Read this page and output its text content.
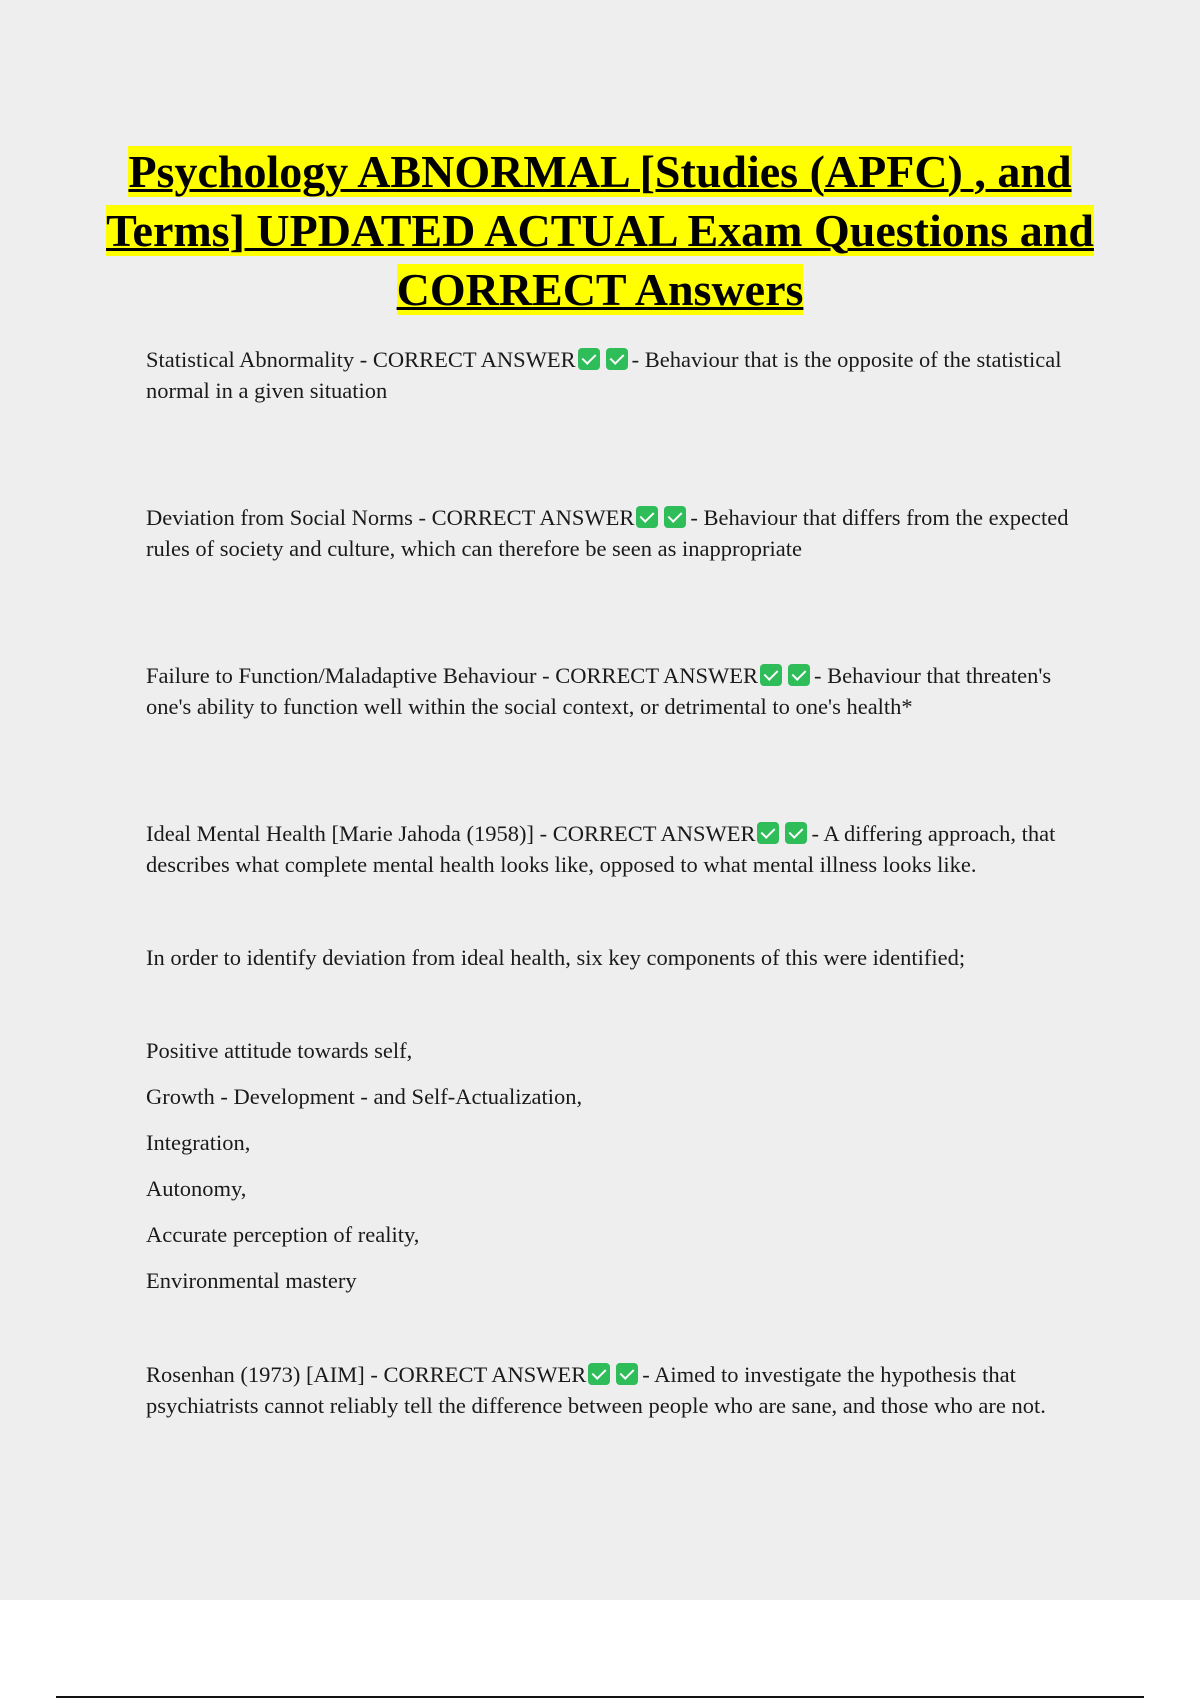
Psychology ABNORMAL [Studies (APFC) , and Terms] UPDATED ACTUAL Exam Questions and CORRECT Answers

Statistical Abnormality - CORRECT ANSWER - Behaviour that is the opposite of the statistical normal in a given situation

Deviation from Social Norms - CORRECT ANSWER - Behaviour that differs from the expected rules of society and culture, which can therefore be seen as inappropriate

Failure to Function/Maladaptive Behaviour - CORRECT ANSWER - Behaviour that threaten's one's ability to function well within the social context, or detrimental to one's health*

Ideal Mental Health [Marie Jahoda (1958)] - CORRECT ANSWER - A differing approach, that describes what complete mental health looks like, opposed to what mental illness looks like.

In order to identify deviation from ideal health, six key components of this were identified;

Positive attitude towards self,

Growth - Development - and Self-Actualization,

Integration,

Autonomy,

Accurate perception of reality,

Environmental mastery

Rosenhan (1973) [AIM] - CORRECT ANSWER - Aimed to investigate the hypothesis that psychiatrists cannot reliably tell the difference between people who are sane, and those who are not.
